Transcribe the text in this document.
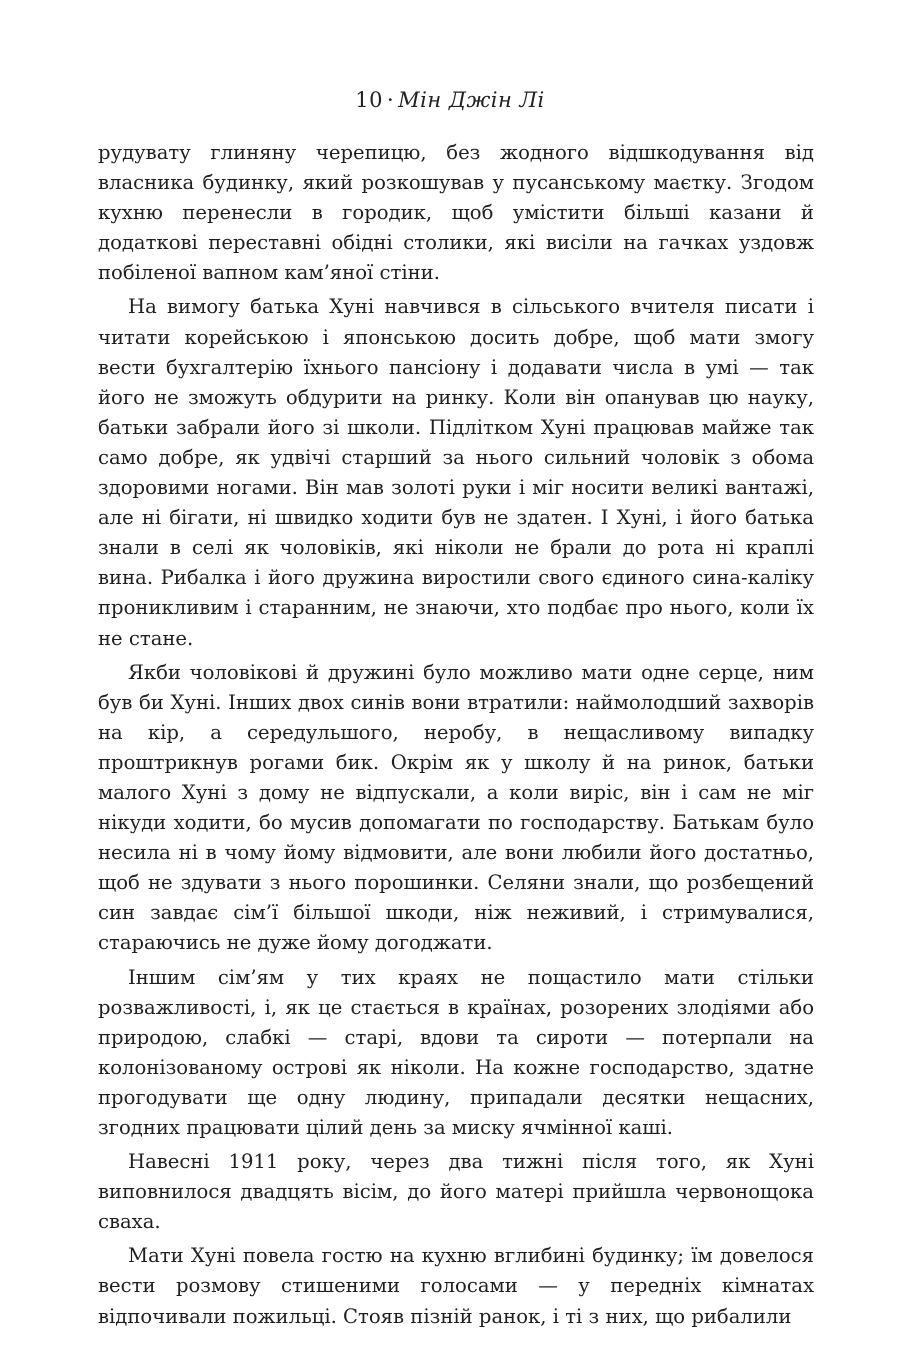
10 · Мін Джін Лі

рудувату глиняну черепицю, без жодного відшкодування від власника будинку, який розкошував у пусанському маєтку. Згодом кухню перенесли в городик, щоб умістити більші казани й додаткові переставні обідні столики, які висіли на гачках уздовж побіленої вапном кам’яної стіни.

На вимогу батька Хуні навчився в сільського вчителя писати і читати корейською і японською досить добре, щоб мати змогу вести бухгалтерію їхнього пансіону і додавати числа в умі — так його не зможуть обдурити на ринку. Коли він опанував цю науку, батьки забрали його зі школи. Підлітком Хуні працював майже так само добре, як удвічі старший за нього сильний чоловік з обома здоровими ногами. Він мав золоті руки і міг носити великі вантажі, але ні бігати, ні швидко ходити був не здатен. І Хуні, і його батька знали в селі як чоловіків, які ніколи не брали до рота ні краплі вина. Рибалка і його дружина виростили свого єдиного сина-каліку проникливим і старанним, не знаючи, хто подбає про нього, коли їх не стане.

Якби чоловікові й дружині було можливо мати одне серце, ним був би Хуні. Інших двох синів вони втратили: наймолодший захворів на кір, а середульшого, неробу, в нещасливому випадку проштрикнув рогами бик. Окрім як у школу й на ринок, батьки малого Хуні з дому не відпускали, а коли виріс, він і сам не міг нікуди ходити, бо мусив допомагати по господарству. Батькам було несила ні в чому йому відмовити, але вони любили його достатньо, щоб не здувати з нього порошинки. Селяни знали, що розбещений син завдає сім’ї більшої шкоди, ніж неживий, і стримувалися, стараючись не дуже йому догоджати.

Іншим сім’ям у тих краях не пощастило мати стільки розважливості, і, як це стається в країнах, розорених злодіями або природою, слабкі — старі, вдови та сироти — потерпали на колонізованому острові як ніколи. На кожне господарство, здатне прогодувати ще одну людину, припадали десятки нещасних, згодних працювати цілий день за миску ячмінної каші.

Навесні 1911 року, через два тижні після того, як Хуні виповнилося двадцять вісім, до його матері прийшла червонощока сваха.

Мати Хуні повела гостю на кухню вглибині будинку; їм довелося вести розмову стишеними голосами — у передніх кімнатах відпочивали пожильці. Стояв пізній ранок, і ті з них, що рибалили
